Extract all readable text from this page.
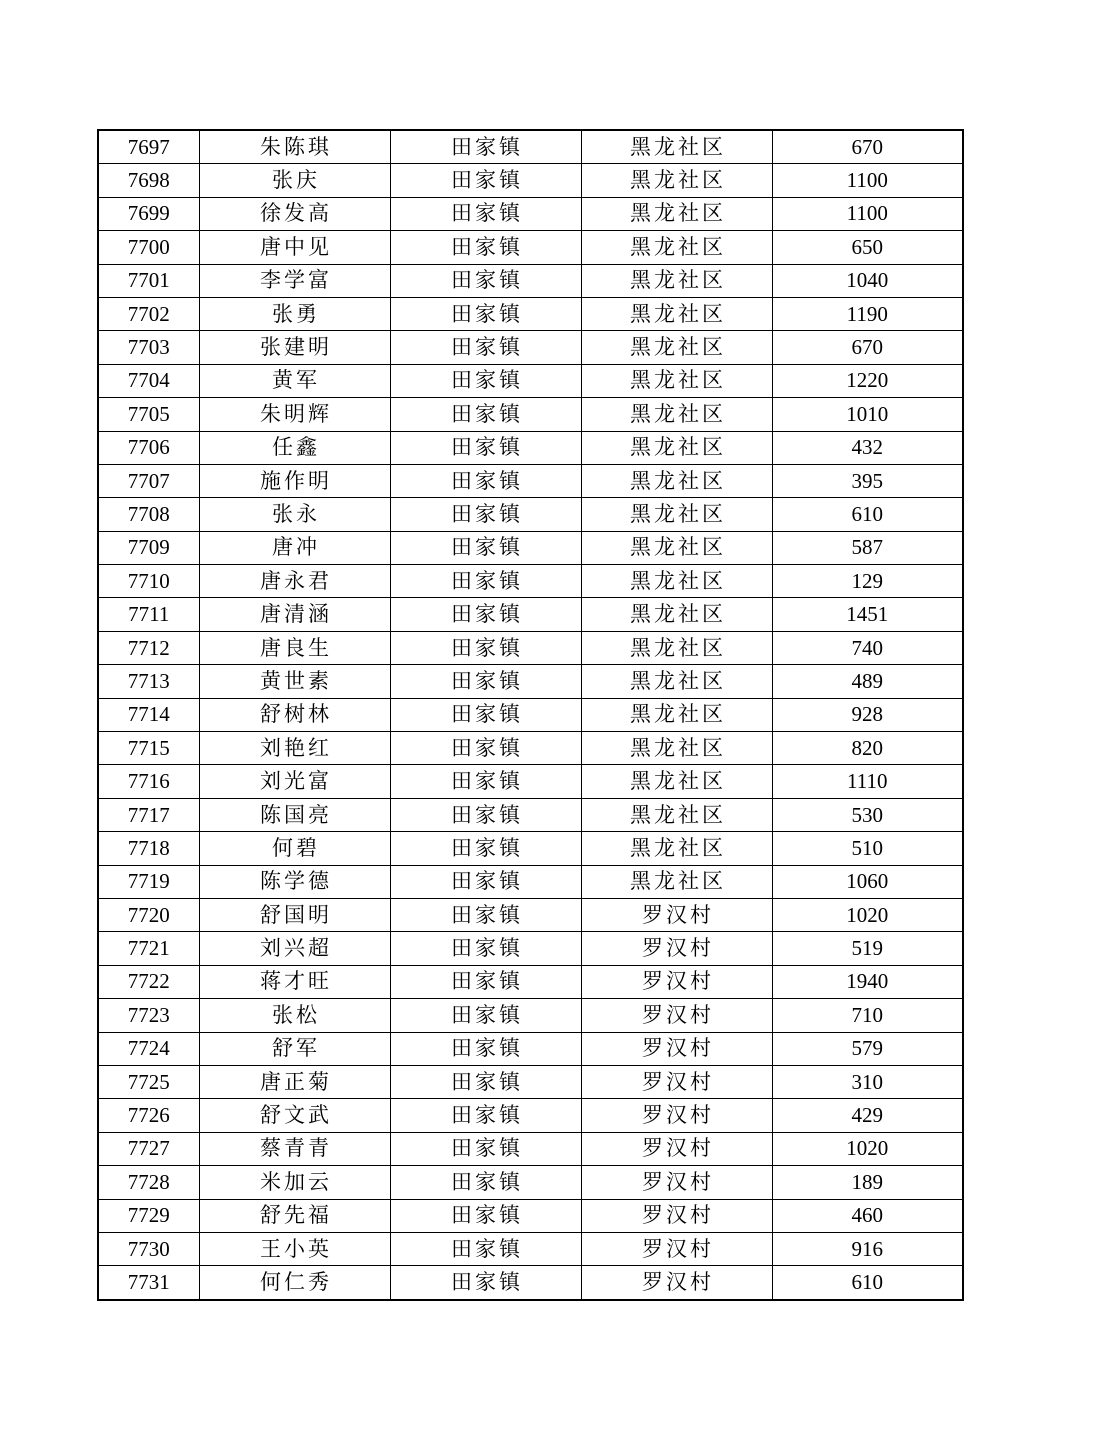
7697	朱陈琪	田家镇	黑龙社区	670
7698	张庆	田家镇	黑龙社区	1100
7699	徐发高	田家镇	黑龙社区	1100
7700	唐中见	田家镇	黑龙社区	650
7701	李学富	田家镇	黑龙社区	1040
7702	张勇	田家镇	黑龙社区	1190
7703	张建明	田家镇	黑龙社区	670
7704	黄军	田家镇	黑龙社区	1220
7705	朱明辉	田家镇	黑龙社区	1010
7706	任鑫	田家镇	黑龙社区	432
7707	施作明	田家镇	黑龙社区	395
7708	张永	田家镇	黑龙社区	610
7709	唐冲	田家镇	黑龙社区	587
7710	唐永君	田家镇	黑龙社区	129
7711	唐清涵	田家镇	黑龙社区	1451
7712	唐良生	田家镇	黑龙社区	740
7713	黄世素	田家镇	黑龙社区	489
7714	舒树林	田家镇	黑龙社区	928
7715	刘艳红	田家镇	黑龙社区	820
7716	刘光富	田家镇	黑龙社区	1110
7717	陈国亮	田家镇	黑龙社区	530
7718	何碧	田家镇	黑龙社区	510
7719	陈学德	田家镇	黑龙社区	1060
7720	舒国明	田家镇	罗汉村	1020
7721	刘兴超	田家镇	罗汉村	519
7722	蒋才旺	田家镇	罗汉村	1940
7723	张松	田家镇	罗汉村	710
7724	舒军	田家镇	罗汉村	579
7725	唐正菊	田家镇	罗汉村	310
7726	舒文武	田家镇	罗汉村	429
7727	蔡青青	田家镇	罗汉村	1020
7728	米加云	田家镇	罗汉村	189
7729	舒先福	田家镇	罗汉村	460
7730	王小英	田家镇	罗汉村	916
7731	何仁秀	田家镇	罗汉村	610
